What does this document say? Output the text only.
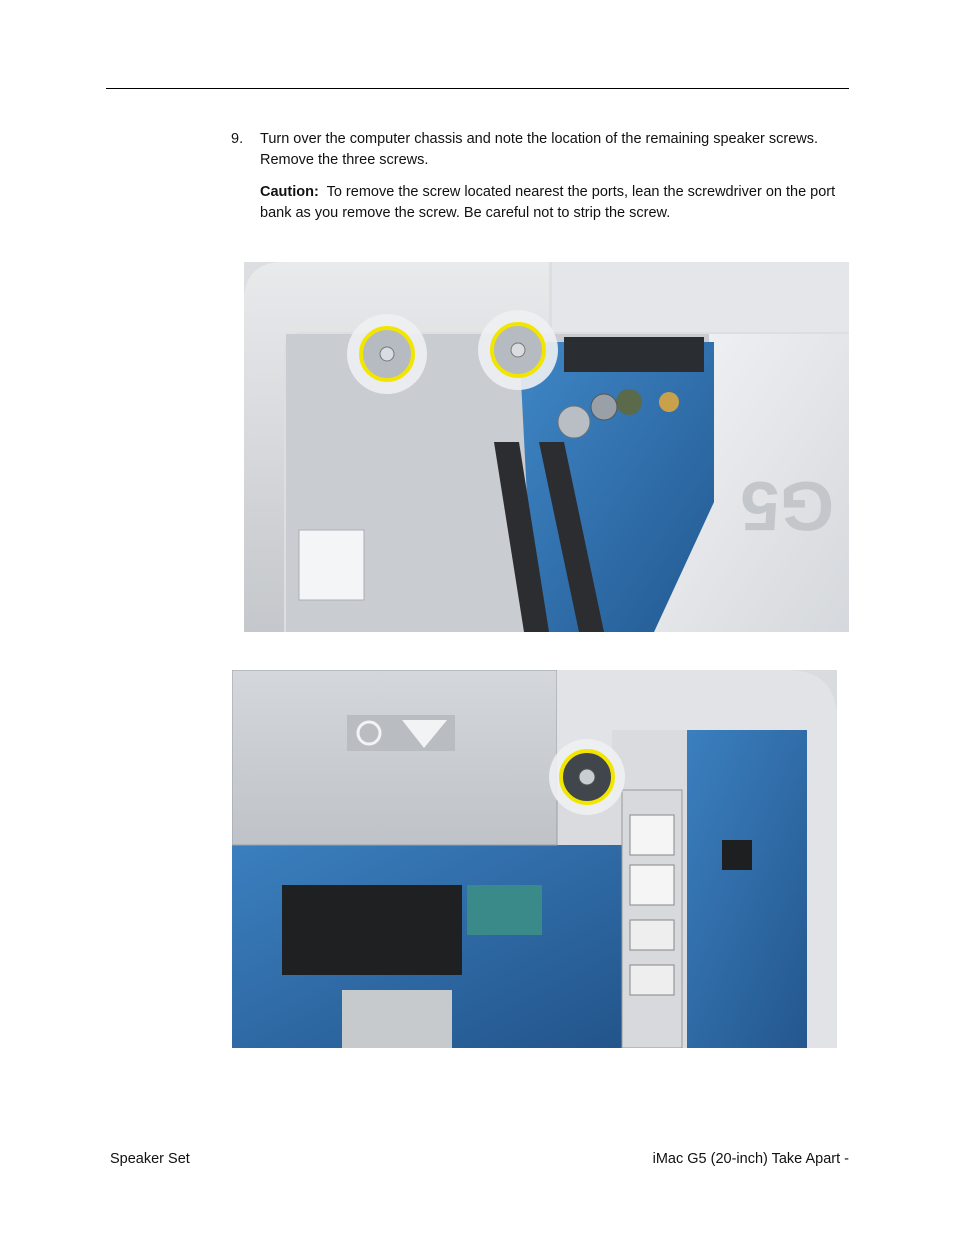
9. Turn over the computer chassis and note the location of the remaining speaker screws. Remove the three screws.
Caution: To remove the screw located nearest the ports, lean the screwdriver on the port bank as you remove the screw. Be careful not to strip the screw.
G5
Speaker Set	iMac G5 (20-inch) Take Apart -
